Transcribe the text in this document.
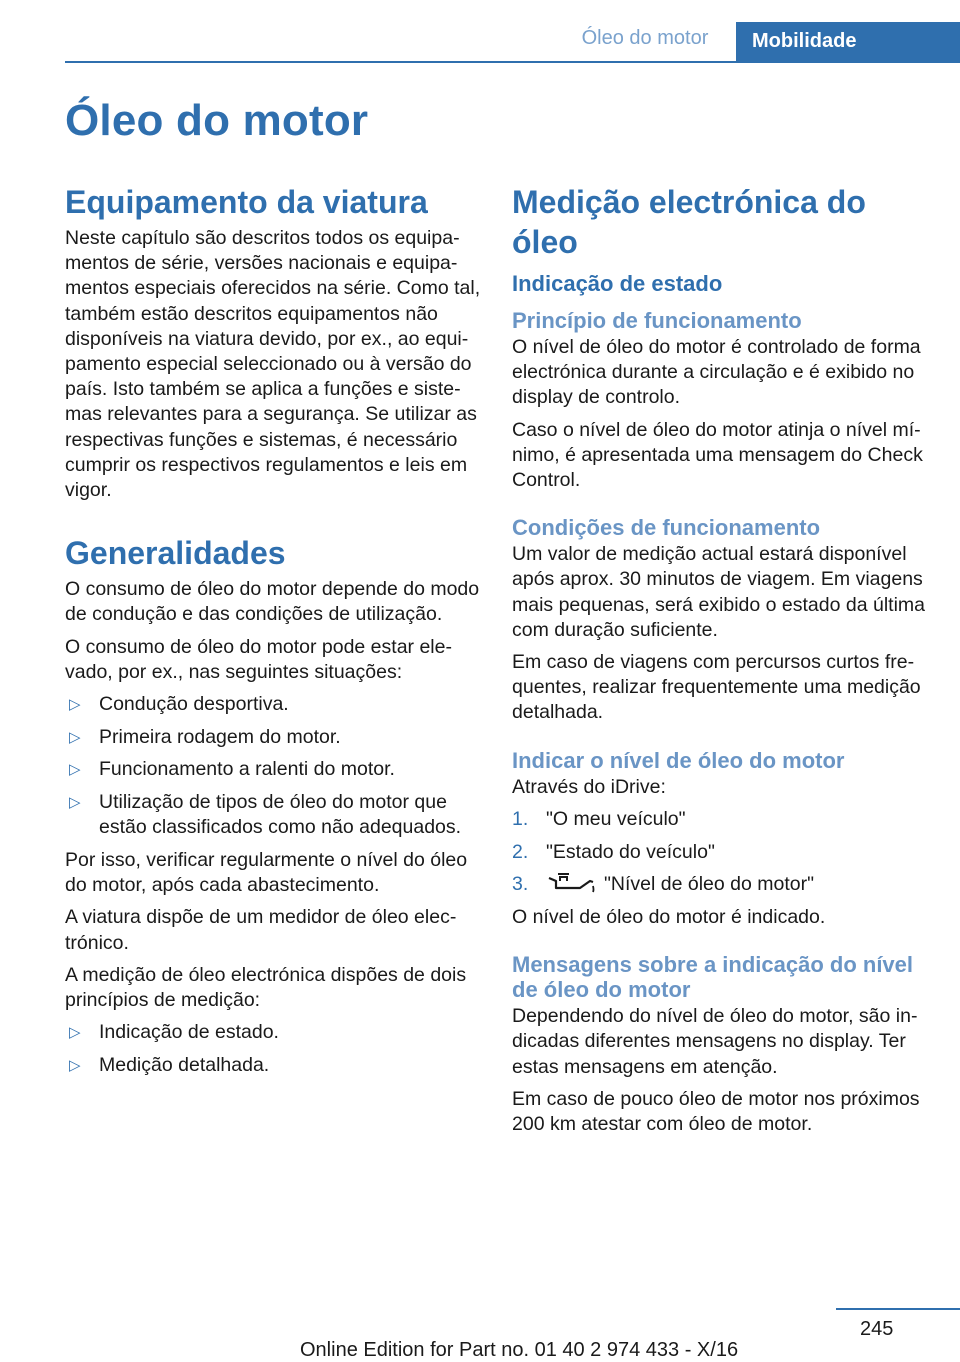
Óleo do motor	Mobilidade
Óleo do motor
Equipamento da viatura

Neste capítulo são descritos todos os equipamentos de série, versões nacionais e equipamentos especiais oferecidos na série. Como tal, também estão descritos equipamentos não disponíveis na viatura devido, por ex., ao equipamento especial seleccionado ou à versão do país. Isto também se aplica a funções e sistemas relevantes para a segurança. Se utilizar as respectivas funções e sistemas, é necessário cumprir os respectivos regulamentos e leis em vigor.

Generalidades

O consumo de óleo do motor depende do modo de condução e das condições de utilização.

O consumo de óleo do motor pode estar elevado, por ex., nas seguintes situações:

▷ Condução desportiva.
▷ Primeira rodagem do motor.
▷ Funcionamento a ralenti do motor.
▷ Utilização de tipos de óleo do motor que estão classificados como não adequados.

Por isso, verificar regularmente o nível do óleo do motor, após cada abastecimento.

A viatura dispõe de um medidor de óleo electrónico.

A medição de óleo electrónica dispões de dois princípios de medição:

▷ Indicação de estado.
▷ Medição detalhada.
Medição electrónica do óleo
Indicação de estado
Princípio de funcionamento

O nível de óleo do motor é controlado de forma electrónica durante a circulação e é exibido no display de controlo.

Caso o nível de óleo do motor atinja o nível mínimo, é apresentada uma mensagem do Check Control.

Condições de funcionamento

Um valor de medição actual estará disponível após aprox. 30 minutos de viagem. Em viagens mais pequenas, será exibido o estado da última com duração suficiente.

Em caso de viagens com percursos curtos frequentes, realizar frequentemente uma medição detalhada.

Indicar o nível de óleo do motor

Através do iDrive:

1. "O meu veículo"
2. "Estado do veículo"
3.	"Nível de óleo do motor"

O nível de óleo do motor é indicado.

Mensagens sobre a indicação do nível de óleo do motor

Dependendo do nível de óleo do motor, são indicadas diferentes mensagens no display. Ter estas mensagens em atenção.

Em caso de pouco óleo de motor nos próximos 200 km atestar com óleo de motor.

245
Online Edition for Part no. 01 40 2 974 433 - X/16
